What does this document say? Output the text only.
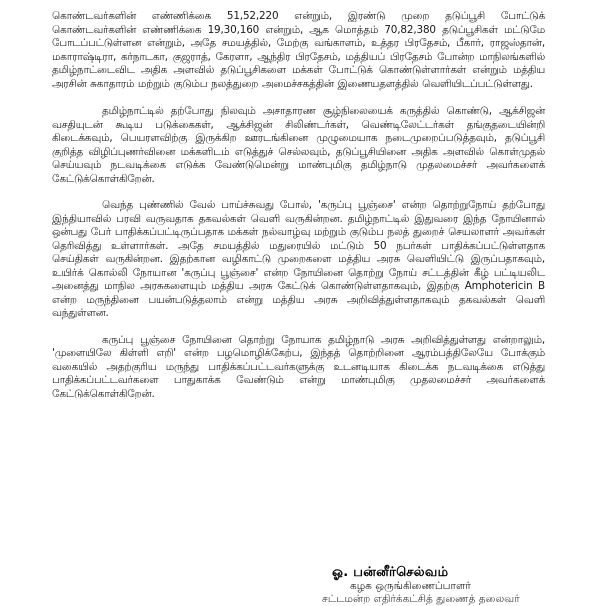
கொண்டவர்களின் எண்ணிக்கை 51,52,220 என்றும், இரண்டு முறை தடுப்பூசி போட்டுக் கொண்டவர்களின் எண்ணிக்கை 19,30,160 என்றும், ஆக மொத்தம் 70,82,380 தடுப்பூசிகள் மட்டுமே போடப்பட்டுள்ளன என்றும், அதே சமயத்தில், மேற்கு வங்காளம், உத்தர பிரதேசம், பீகார், ராஜஸ்தான், மகாராஷ்டிரா, கர்நாடகா, குஜராத், கேரளா, ஆந்திர பிரதேசம், மத்தியப் பிரதேசம் போன்ற மாநிலங்களில் தமிழ்நாட்டைவிட அதிக அளவில் தடுப்பூசிகளை மக்கள் போட்டுக் கொண்டுள்ளார்கள் என்றும் மத்திய அரசின் சுகாதாரம் மற்றும் குடும்ப நலத்துறை அமைச்சகத்தின் இணையதளத்தில் வெளியிடப்பட்டுள்ளது.

தமிழ்நாட்டில் தற்போது நிலவும் அசாதாரண சூழ்நிலையைக் கருத்தில் கொண்டு, ஆக்சிஜன் வசதியுடன் கூடிய படுக்கைகள், ஆக்சிஜன் சிலிண்டர்கள், வெண்டிலேட்டர்கள் தங்குதடையின்றி கிடைக்கவும், பெயரளவிற்கு இருக்கிற ஊரடங்கினை முழுமையாக நடைமுறைப்படுத்தவும், தடுப்பூசி குறித்த விழிப்புணர்வினை மக்களிடம் எடுத்துச் செல்லவும், தடுப்பூசியினை அதிக அளவில் கொள்முதல் செய்யவும் நடவடிக்கை எடுக்க வேண்டுமென்று மாண்புமிகு தமிழ்நாடு முதலமைச்சர் அவர்களைக் கேட்டுக்கொள்கிறேன்.

வெந்த புண்ணில் வேல் பாய்ச்சுவது போல், 'கருப்பு பூஞ்சை' என்ற தொற்றுநோய் தற்போது இந்தியாவில் பரவி வருவதாக தகவல்கள் வெளி வருகின்றன. தமிழ்நாட்டில் இதுவரை இந்த நோயினால் ஒன்பது பேர் பாதிக்கப்பட்டிருப்பதாக மக்கள் நல்வாழ்வு மற்றும் குடும்ப நலத் துறைச் செயலாளர் அவர்கள் தெரிவித்து உள்ளார்கள். அதே சமயத்தில் மதுரையில் மட்டும் 50 நபர்கள் பாதிக்கப்பட்டுள்ளதாக செய்திகள் வருகின்றன. இதற்கான வழிகாட்டு முறைகளை மத்திய அரசு வெளியிட்டு இருப்பதாகவும், உயிர்க் கொல்லி நோயான 'கருப்பு பூஞ்சை' என்ற நோயினை தொற்று நோய் சட்டத்தின் கீழ் பட்டியலிட அனைத்து மாநில அரசுகளையும் மத்திய அரசு கேட்டுக் கொண்டுள்ளதாகவும், இதற்கு Amphotericin B என்ற மருந்தினை பயன்படுத்தலாம் என்று மத்திய அரசு அறிவித்துள்ளதாகவும் தகவல்கள் வெளி வந்துள்ளன.

கருப்பு பூஞ்சை நோயினை தொற்று நோயாக தமிழ்நாடு அரசு அறிவித்துள்ளது என்றாலும், 'முளையிலே கிள்ளி எறி' என்ற பழமொழிக்கேற்ப, இந்தத் தொற்றினை ஆரம்பத்திலேயே போக்கும் வகையில் அதற்குரிய மருந்து பாதிக்கப்பட்டவர்களுக்கு உடனடியாக கிடைக்க நடவடிக்கை எடுத்து பாதிக்கப்பட்டவர்களை பாதுகாக்க வேண்டும் என்று மாண்புமிகு முதலமைச்சர் அவர்களைக் கேட்டுக்கொள்கிறேன்.

ஓ. பன்னீர்செல்வம்
கழக ஒருங்கிணைப்பாளர்
சட்டமன்ற எதிர்க்கட்சித் துணைத் தலைவர்
